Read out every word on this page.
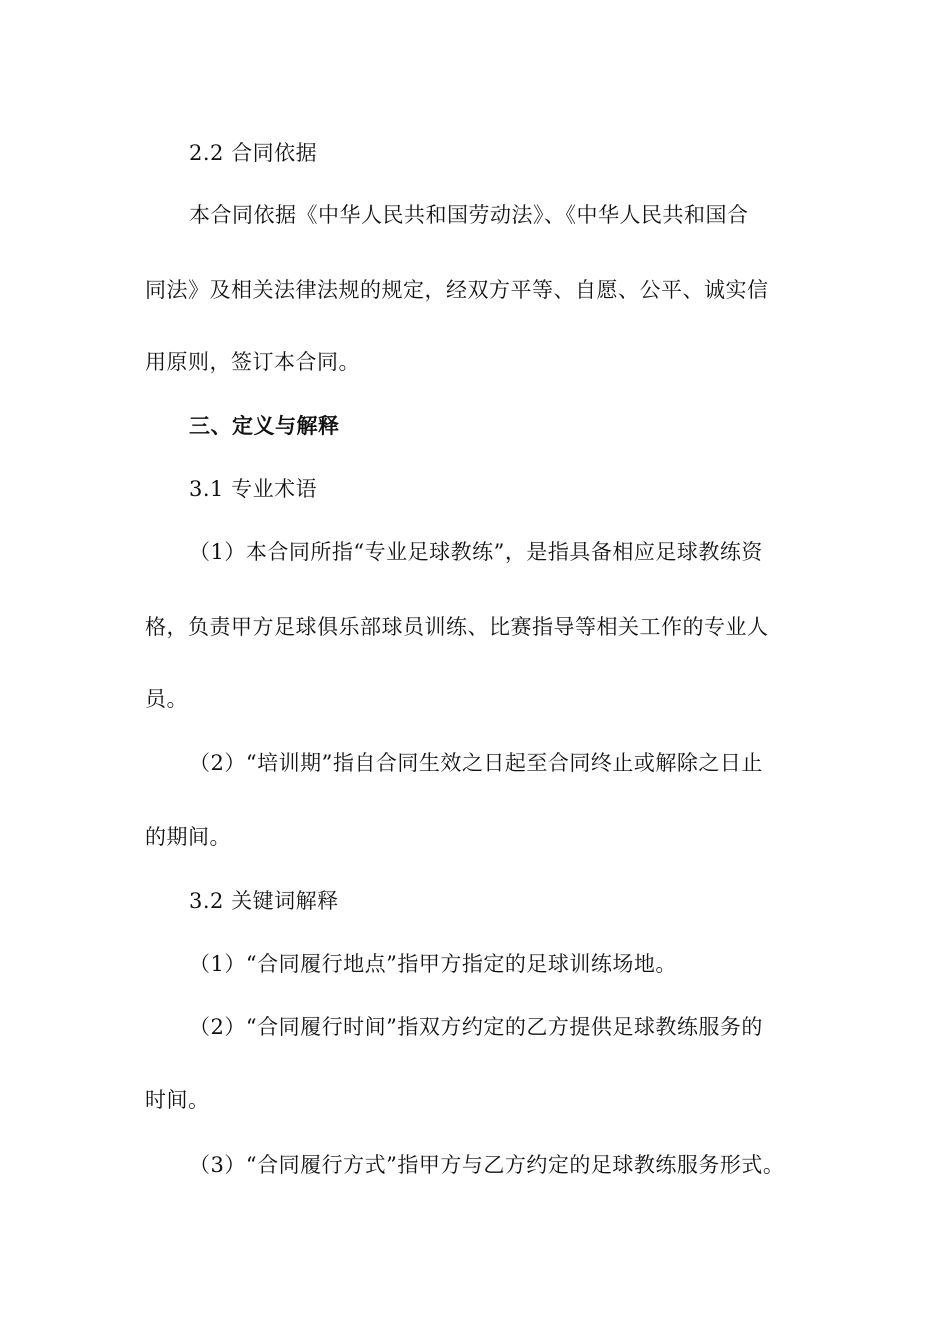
2.2 合同依据
本合同依据《中华人民共和国劳动法》、《中华人民共和国合
同法》及相关法律法规的规定，经双方平等、自愿、公平、诚实信
用原则，签订本合同。
三、定义与解释
3.1 专业术语
（1）本合同所指“专业足球教练”，是指具备相应足球教练资
格，负责甲方足球俱乐部球员训练、比赛指导等相关工作的专业人
员。
（2）“培训期”指自合同生效之日起至合同终止或解除之日止
的期间。
3.2 关键词解释
（1）“合同履行地点”指甲方指定的足球训练场地。
（2）“合同履行时间”指双方约定的乙方提供足球教练服务的
时间。
（3）“合同履行方式”指甲方与乙方约定的足球教练服务形式。
